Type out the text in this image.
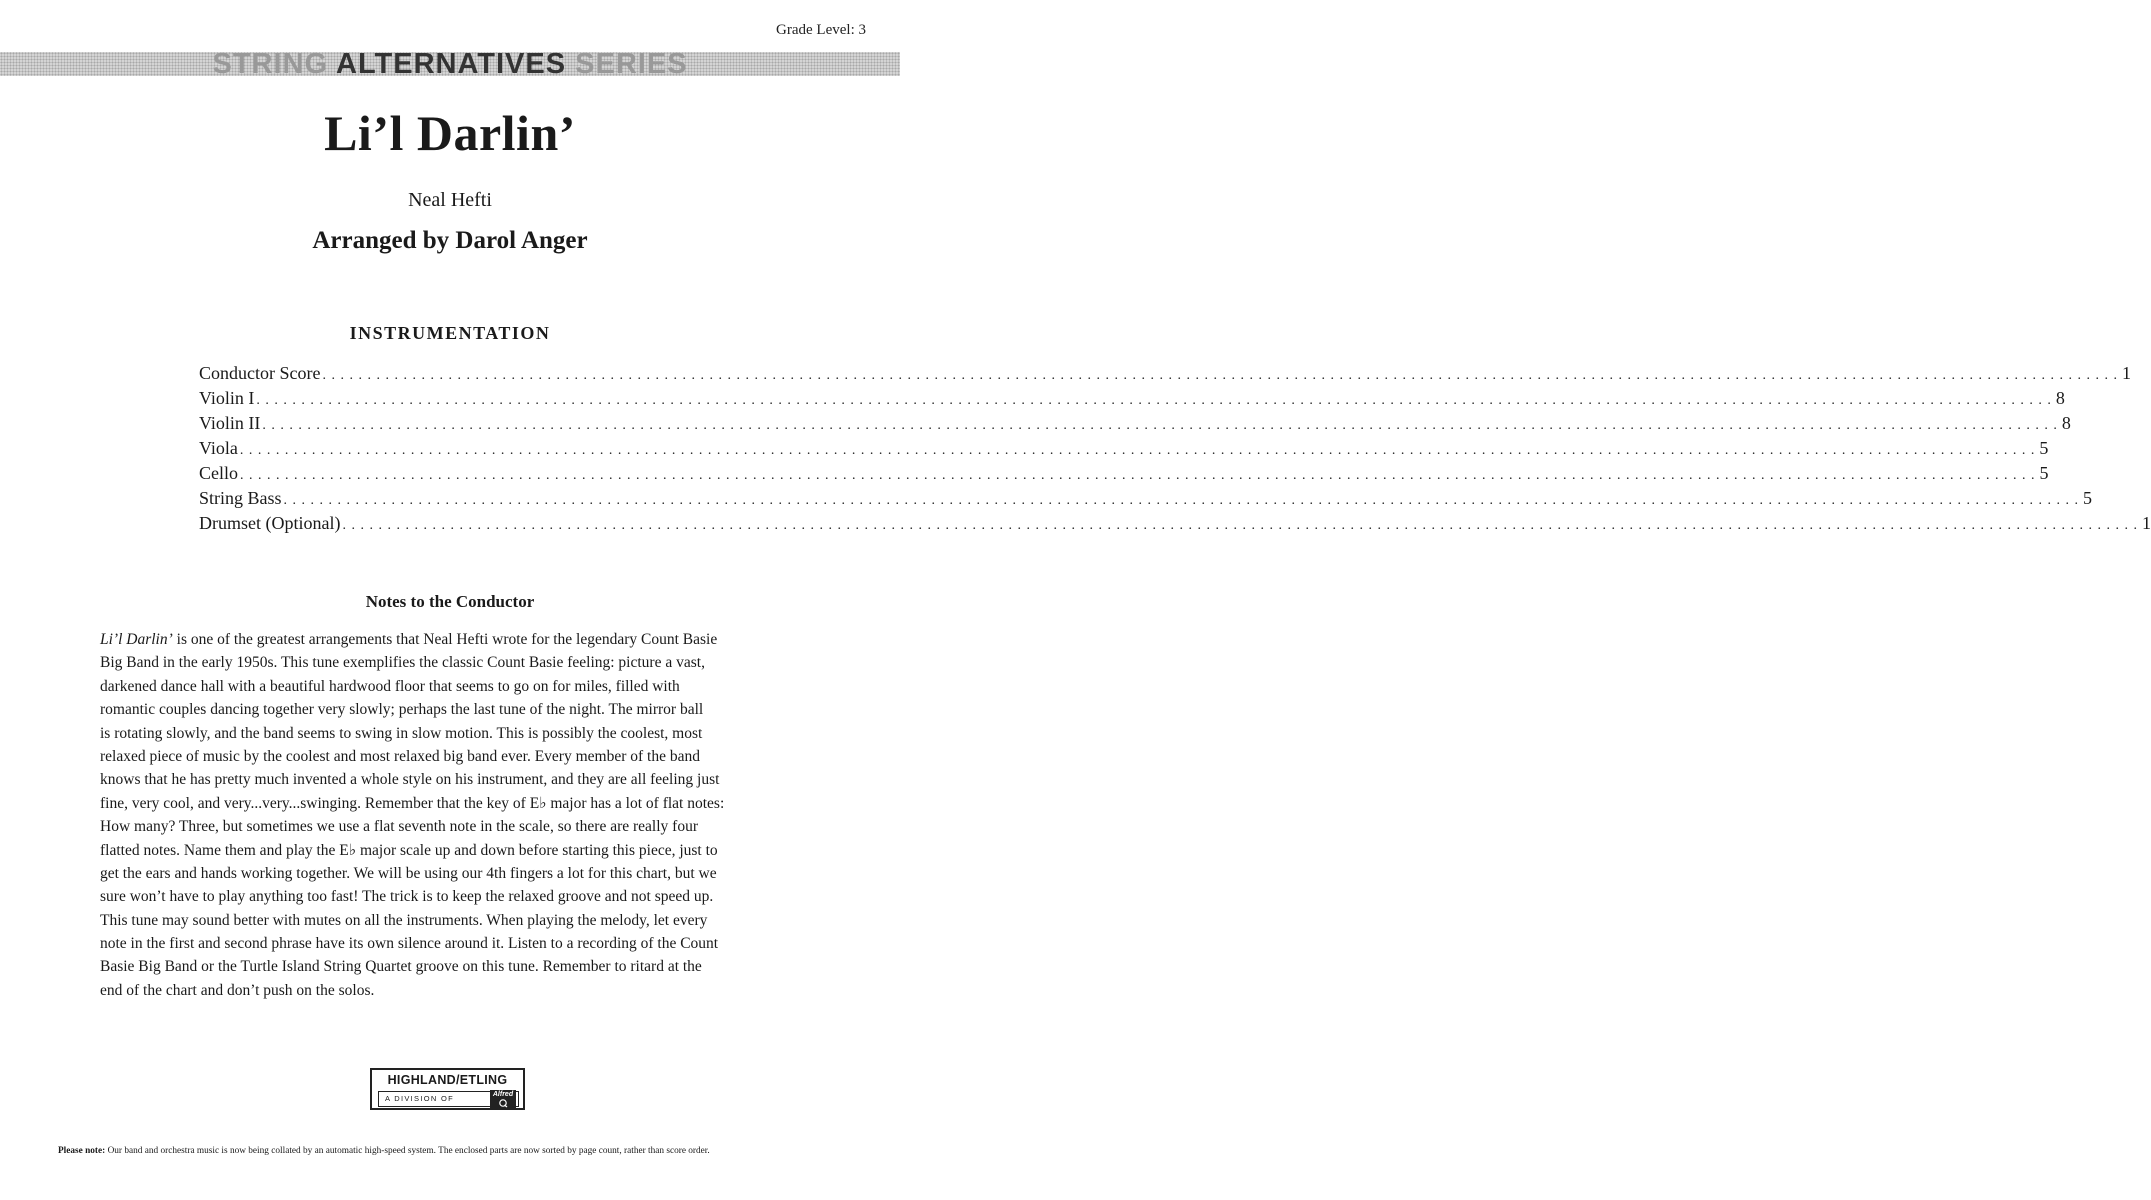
Grade Level: 3
STRING ALTERNATIVES SERIES
Li’l Darlin’
Neal Hefti
Arranged by Darol Anger
INSTRUMENTATION
Conductor Score . . . . . . . . . . . . . . . . . . . . . . . . . . . . . . . . . . . . . . . . . . . . . . . . . . . . . . . . . . . . . . . . . . . . . . . . . . . . . . . . . . . . . . . . . . . . . . . . . . . . . . . . . . . . . . . . . . . . . . . . . . . . . . . . . . . . . . . . . . . . . . . . . . . . . . . . . . . . . . . . . . . . . . . . . . . . . . . . . . . . . . . . . . . . . . . . . . . . . . . . 1
Violin I . . . . . . . . . . . . . . . . . . . . . . . . . . . . . . . . . . . . . . . . . . . . . . . . . . . . . . . . . . . . . . . . . . . . . . . . . . . . . . . . . . . . . . . . . . . . . . . . . . . . . . . . . . . . . . . . . . . . . . . . . . . . . . . . . . . . . . . . . . . . . . . . . . . . . . . . . . . . . . . . . . . . . . . . . . . . . . . . . . . . . . . . . . . . . . . . . . . . . . . . 8
Violin II . . . . . . . . . . . . . . . . . . . . . . . . . . . . . . . . . . . . . . . . . . . . . . . . . . . . . . . . . . . . . . . . . . . . . . . . . . . . . . . . . . . . . . . . . . . . . . . . . . . . . . . . . . . . . . . . . . . . . . . . . . . . . . . . . . . . . . . . . . . . . . . . . . . . . . . . . . . . . . . . . . . . . . . . . . . . . . . . . . . . . . . . . . . . . . . . . . . . . . . . 8
Viola . . . . . . . . . . . . . . . . . . . . . . . . . . . . . . . . . . . . . . . . . . . . . . . . . . . . . . . . . . . . . . . . . . . . . . . . . . . . . . . . . . . . . . . . . . . . . . . . . . . . . . . . . . . . . . . . . . . . . . . . . . . . . . . . . . . . . . . . . . . . . . . . . . . . . . . . . . . . . . . . . . . . . . . . . . . . . . . . . . . . . . . . . . . . . . . . . . . . . . . . 5
Cello . . . . . . . . . . . . . . . . . . . . . . . . . . . . . . . . . . . . . . . . . . . . . . . . . . . . . . . . . . . . . . . . . . . . . . . . . . . . . . . . . . . . . . . . . . . . . . . . . . . . . . . . . . . . . . . . . . . . . . . . . . . . . . . . . . . . . . . . . . . . . . . . . . . . . . . . . . . . . . . . . . . . . . . . . . . . . . . . . . . . . . . . . . . . . . . . . . . . . . . . 5
String Bass . . . . . . . . . . . . . . . . . . . . . . . . . . . . . . . . . . . . . . . . . . . . . . . . . . . . . . . . . . . . . . . . . . . . . . . . . . . . . . . . . . . . . . . . . . . . . . . . . . . . . . . . . . . . . . . . . . . . . . . . . . . . . . . . . . . . . . . . . . . . . . . . . . . . . . . . . . . . . . . . . . . . . . . . . . . . . . . . . . . . . . . . . . . . . . . . . . . . . . . . 5
Drumset (Optional) . . . . . . . . . . . . . . . . . . . . . . . . . . . . . . . . . . . . . . . . . . . . . . . . . . . . . . . . . . . . . . . . . . . . . . . . . . . . . . . . . . . . . . . . . . . . . . . . . . . . . . . . . . . . . . . . . . . . . . . . . . . . . . . . . . . . . . . . . . . . . . . . . . . . . . . . . . . . . . . . . . . . . . . . . . . . . . . . . . . . . . . . . . . . . . . . . . . . . . . . 1
Notes to the Conductor
Li’l Darlin’ is one of the greatest arrangements that Neal Hefti wrote for the legendary Count Basie
Big Band in the early 1950s. This tune exemplifies the classic Count Basie feeling: picture a vast,
darkened dance hall with a beautiful hardwood floor that seems to go on for miles, filled with
romantic couples dancing together very slowly; perhaps the last tune of the night. The mirror ball
is rotating slowly, and the band seems to swing in slow motion. This is possibly the coolest, most
relaxed piece of music by the coolest and most relaxed big band ever. Every member of the band
knows that he has pretty much invented a whole style on his instrument, and they are all feeling just
fine, very cool, and very...very...swinging. Remember that the key of E♭ major has a lot of flat notes:
How many? Three, but sometimes we use a flat seventh note in the scale, so there are really four
flatted notes. Name them and play the E♭ major scale up and down before starting this piece, just to
get the ears and hands working together. We will be using our 4th fingers a lot for this chart, but we
sure won’t have to play anything too fast! The trick is to keep the relaxed groove and not speed up.
This tune may sound better with mutes on all the instruments. When playing the melody, let every
note in the first and second phrase have its own silence around it. Listen to a recording of the Count
Basie Big Band or the Turtle Island String Quartet groove on this tune. Remember to ritard at the
end of the chart and don’t push on the solos.
HIGHLAND/ETLING
A DIVISION OF	Alfred
Please note: Our band and orchestra music is now being collated by an automatic high-speed system. The enclosed parts are now sorted by page count, rather than score order.
